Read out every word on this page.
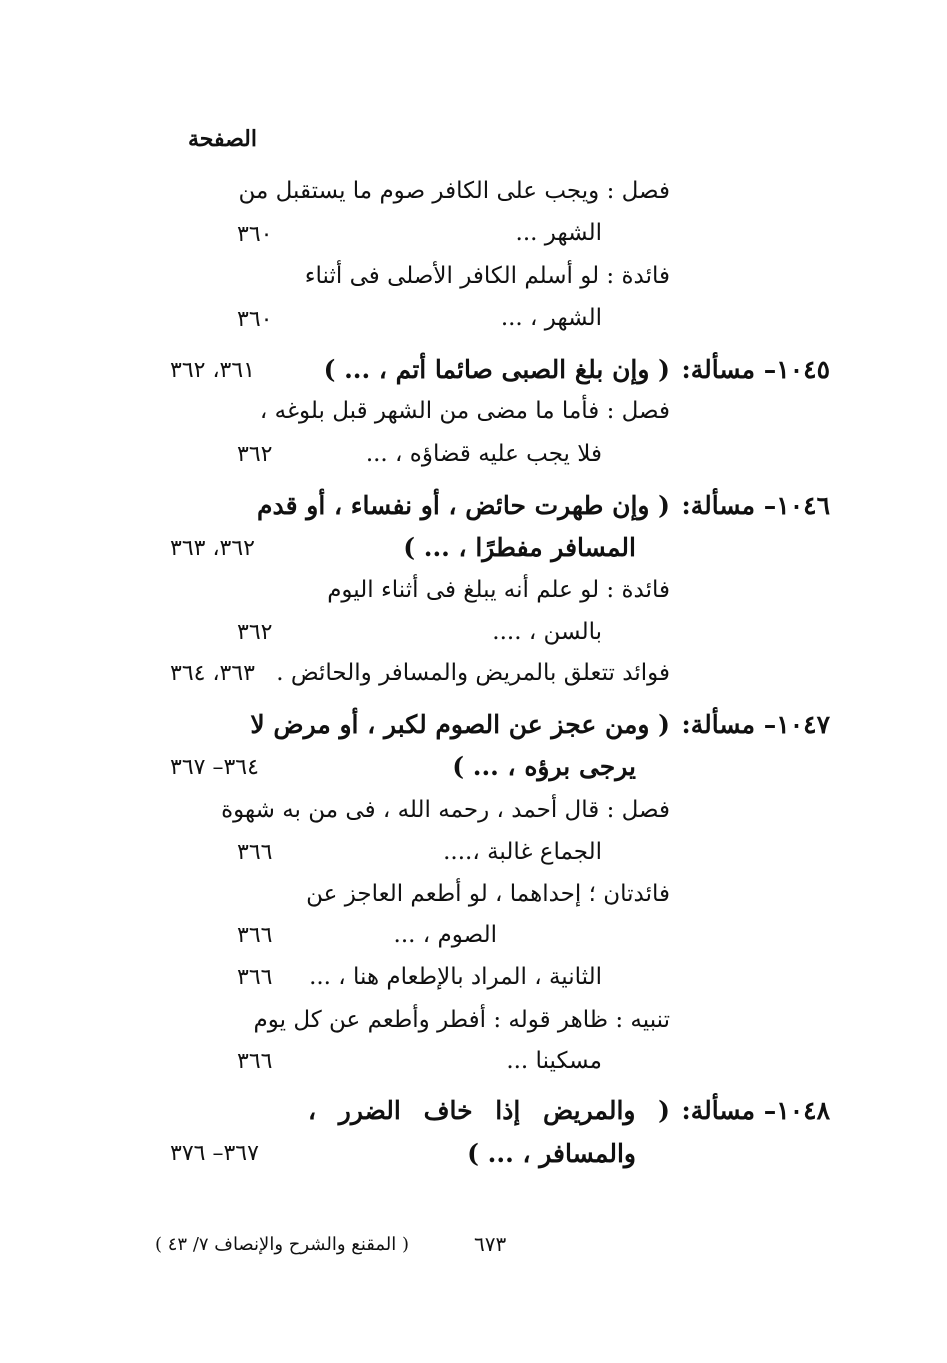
الصفحة
فصل : ويجب على الكافر صوم ما يستقبل من
الشهر ...
٣٦٠
فائدة : لو أسلم الكافر الأصلى فى أثناء
الشهر ، ...
٣٦٠
١٠٤٥– مسألة:
( وإن بلغ الصبى صائما أتم ، ... )
٣٦١، ٣٦٢
فصل : فأما ما مضى من الشهر قبل بلوغه ،
فلا يجب عليه قضاؤه ، ...
٣٦٢
١٠٤٦– مسألة:
( وإن طهرت حائض ، أو نفساء ، أو قدم
المسافر مفطرًا ، ... )
٣٦٢، ٣٦٣
فائدة : لو علم أنه يبلغ فى أثناء اليوم
بالسن ، ....
٣٦٢
فوائد تتعلق بالمريض والمسافر والحائض .
٣٦٣، ٣٦٤
١٠٤٧– مسألة:
( ومن عجز عن الصوم لكبر ، أو مرض لا
يرجى برؤه ، ... )
٣٦٤– ٣٦٧
فصل : قال أحمد ، رحمه الله ، فى من به شهوة
الجماع غالبة ،....
٣٦٦
فائدتان ؛ إحداهما ، لو أطعم العاجز عن
الصوم ، ...
٣٦٦
الثانية ، المراد بالإطعام هنا ، ...
٣٦٦
تنبيه : ظاهر قوله : أفطر وأطعم عن كل يوم
مسكينا ...
٣٦٦
١٠٤٨– مسألة:
( والمريض إذا خاف الضرر ،
والمسافر ، ... )
٣٦٧– ٣٧٦
( المقنع والشرح والإنصاف ٧/ ٤٣ )	٦٧٣
